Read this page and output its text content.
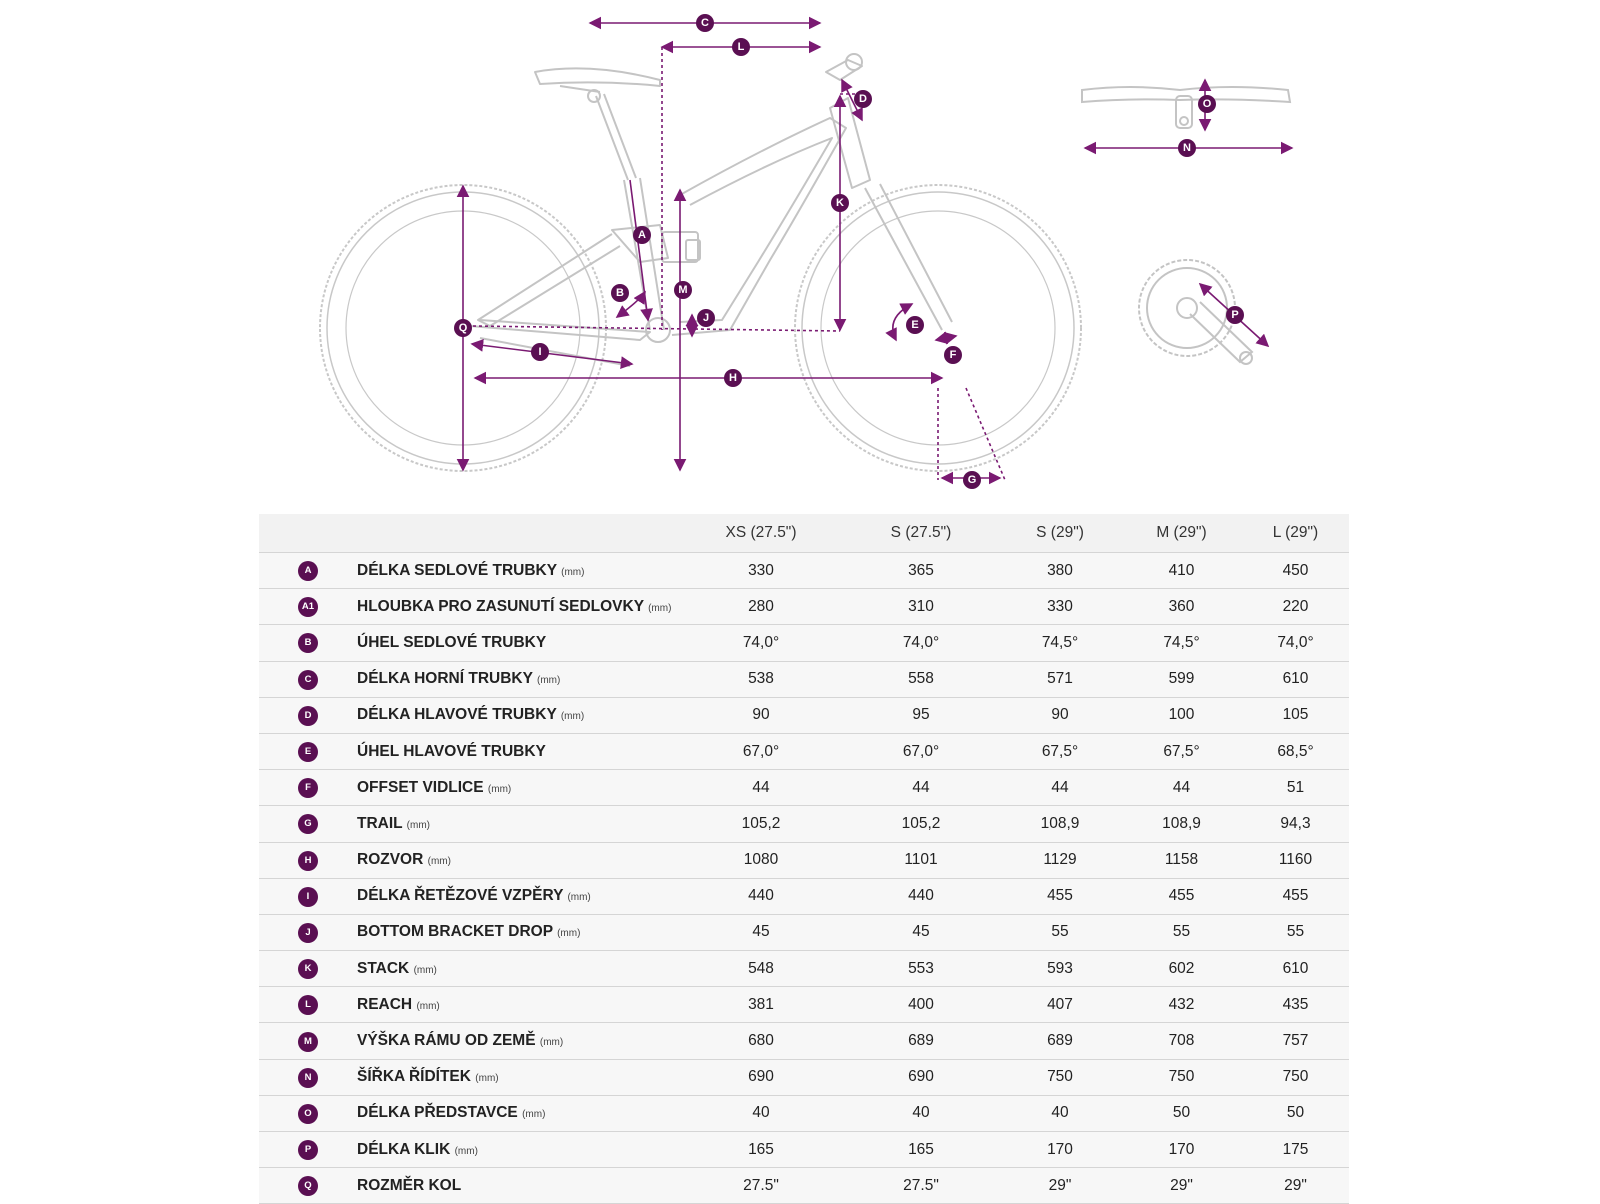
C
L
D
K
A
M
B
J
Q
I
H
E
F
G
N
O
P
		XS (27.5")	S (27.5")	S (29")	M (29")	L (29")
A	DÉLKA SEDLOVÉ TRUBKY (mm)	330	365	380	410	450
A1	HLOUBKA PRO ZASUNUTÍ SEDLOVKY (mm)	280	310	330	360	220
B	ÚHEL SEDLOVÉ TRUBKY	74,0°	74,0°	74,5°	74,5°	74,0°
C	DÉLKA HORNÍ TRUBKY (mm)	538	558	571	599	610
D	DÉLKA HLAVOVÉ TRUBKY (mm)	90	95	90	100	105
E	ÚHEL HLAVOVÉ TRUBKY	67,0°	67,0°	67,5°	67,5°	68,5°
F	OFFSET VIDLICE (mm)	44	44	44	44	51
G	TRAIL (mm)	105,2	105,2	108,9	108,9	94,3
H	ROZVOR (mm)	1080	1101	1129	1158	1160
I	DÉLKA ŘETĚZOVÉ VZPĚRY (mm)	440	440	455	455	455
J	BOTTOM BRACKET DROP (mm)	45	45	55	55	55
K	STACK (mm)	548	553	593	602	610
L	REACH (mm)	381	400	407	432	435
M	VÝŠKA RÁMU OD ZEMĚ (mm)	680	689	689	708	757
N	ŠÍŘKA ŘÍDÍTEK (mm)	690	690	750	750	750
O	DÉLKA PŘEDSTAVCE (mm)	40	40	40	50	50
P	DÉLKA KLIK (mm)	165	165	170	170	175
Q	ROZMĚR KOL	27.5"	27.5"	29"	29"	29"
